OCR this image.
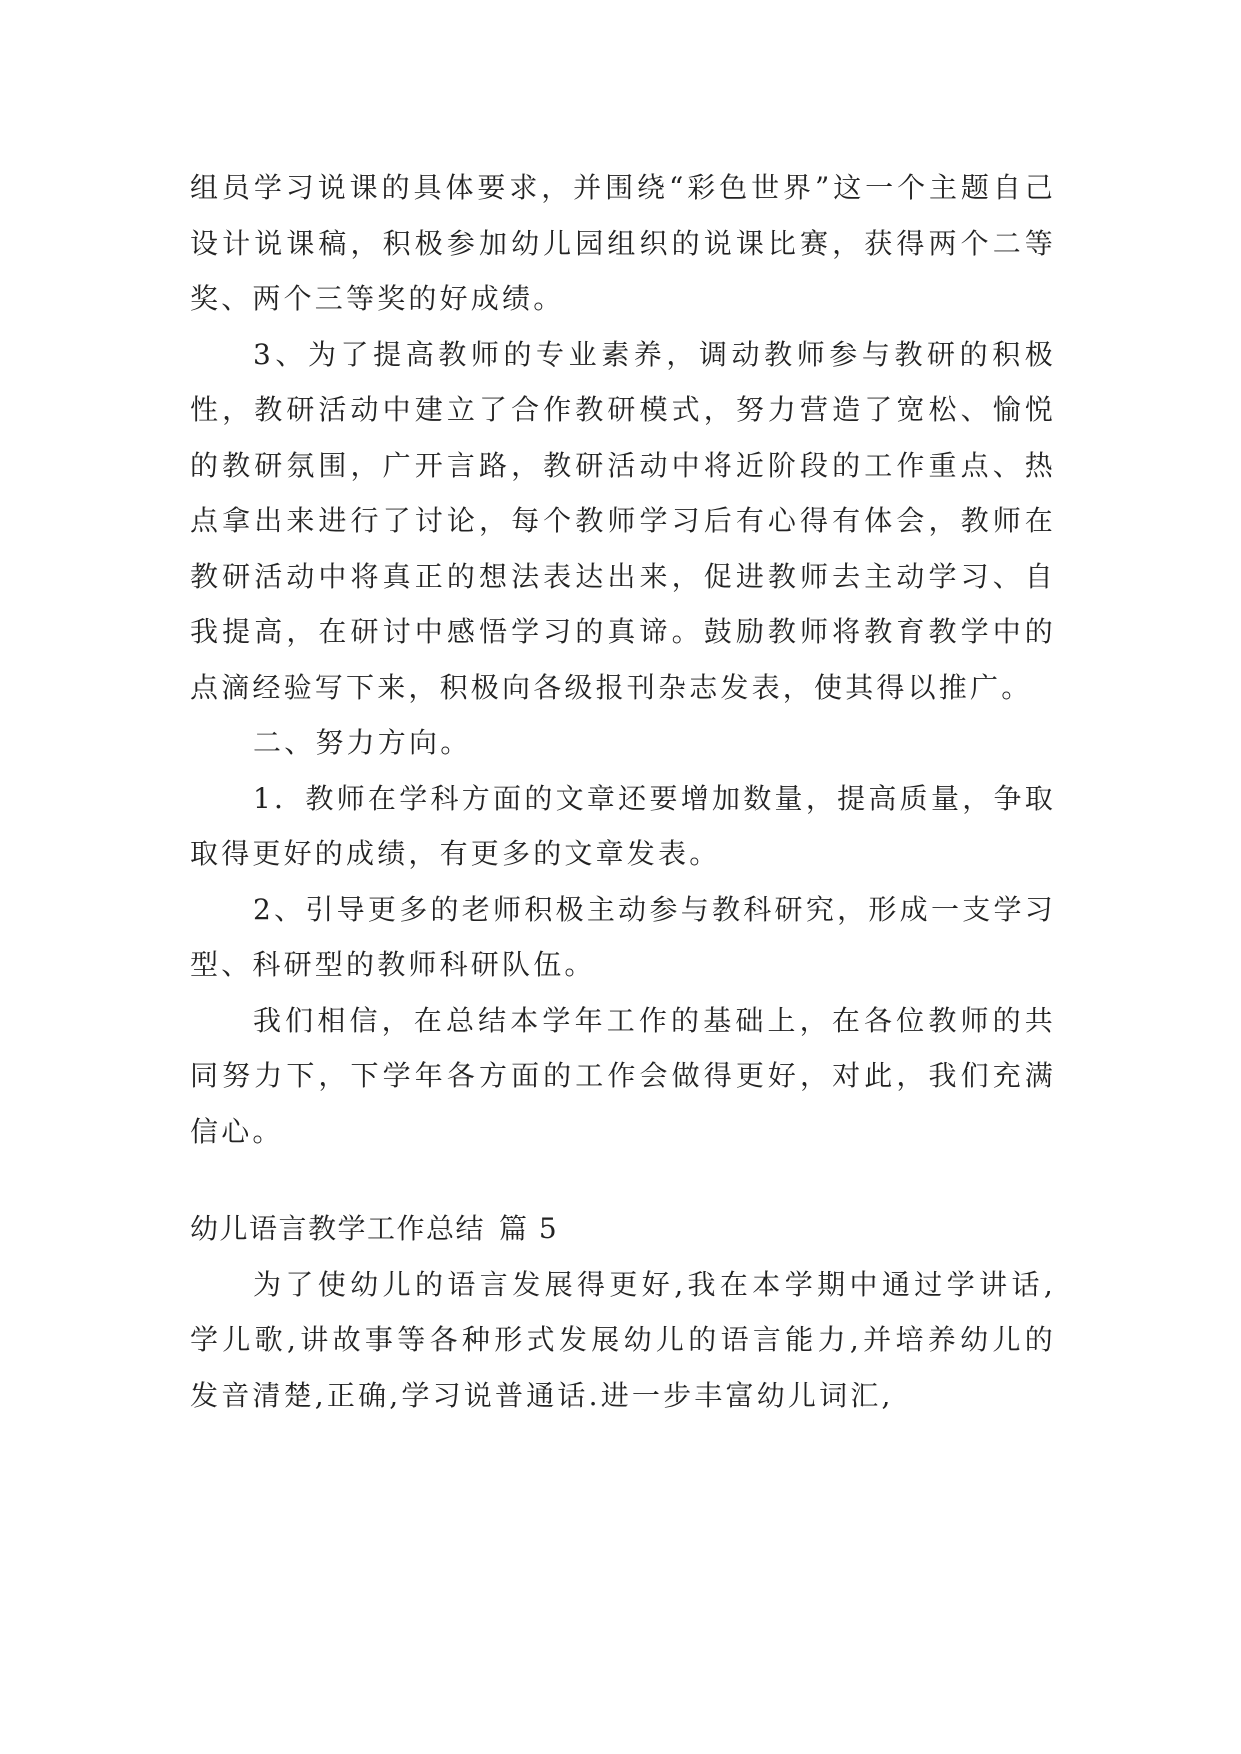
组员学习说课的具体要求，并围绕“彩色世界”这一个主题自己设计说课稿，积极参加幼儿园组织的说课比赛，获得两个二等奖、两个三等奖的好成绩。

3、为了提高教师的专业素养，调动教师参与教研的积极性，教研活动中建立了合作教研模式，努力营造了宽松、愉悦的教研氛围，广开言路，教研活动中将近阶段的工作重点、热点拿出来进行了讨论，每个教师学习后有心得有体会，教师在教研活动中将真正的想法表达出来，促进教师去主动学习、自我提高，在研讨中感悟学习的真谛。鼓励教师将教育教学中的点滴经验写下来，积极向各级报刊杂志发表，使其得以推广。

二、努力方向。

1．教师在学科方面的文章还要增加数量，提高质量，争取取得更好的成绩，有更多的文章发表。

2、引导更多的老师积极主动参与教科研究，形成一支学习型、科研型的教师科研队伍。

我们相信，在总结本学年工作的基础上，在各位教师的共同努力下，下学年各方面的工作会做得更好，对此，我们充满信心。

幼儿语言教学工作总结 篇 5

为了使幼儿的语言发展得更好,我在本学期中通过学讲话,学儿歌,讲故事等各种形式发展幼儿的语言能力,并培养幼儿的发音清楚,正确,学习说普通话.进一步丰富幼儿词汇,
